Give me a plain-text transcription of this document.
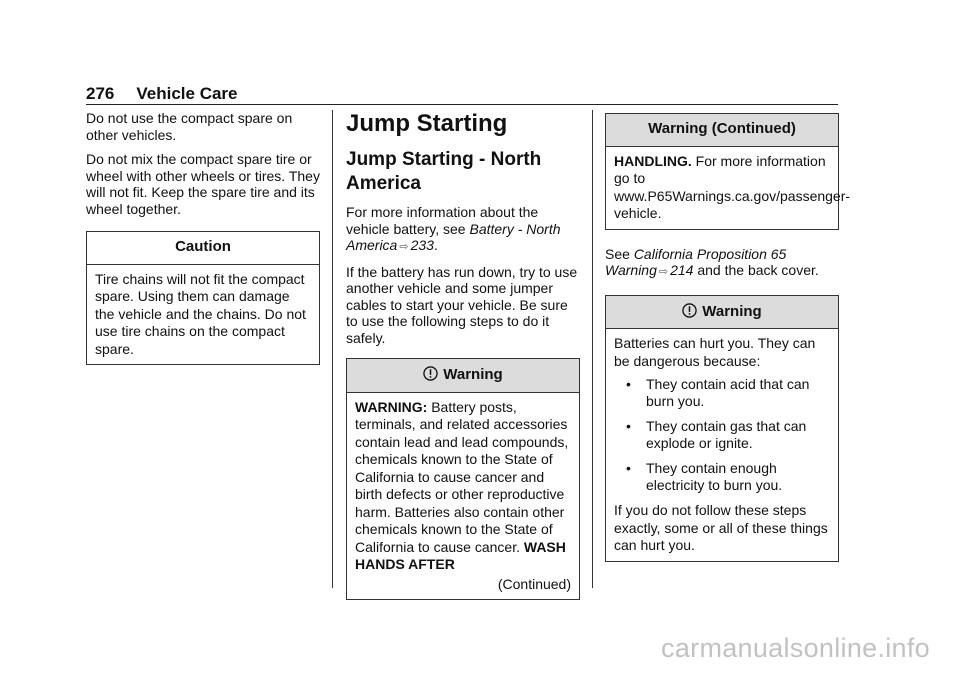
276 Vehicle Care

Do not use the compact spare on other vehicles.

Do not mix the compact spare tire or wheel with other wheels or tires. They will not fit. Keep the spare tire and its wheel together.

Caution

Tire chains will not fit the compact spare. Using them can damage the vehicle and the chains. Do not use tire chains on the compact spare.

Jump Starting
Jump Starting - North America

For more information about the vehicle battery, see Battery - North America ⇨ 233.

If the battery has run down, try to use another vehicle and some jumper cables to start your vehicle. Be sure to use the following steps to do it safely.

Warning

WARNING: Battery posts, terminals, and related accessories contain lead and lead compounds, chemicals known to the State of California to cause cancer and birth defects or other reproductive harm. Batteries also contain other chemicals known to the State of California to cause cancer. WASH HANDS AFTER

(Continued)
Warning (Continued)

HANDLING. For more information go to www.P65Warnings.ca.gov/passenger-vehicle.

See California Proposition 65 Warning ⇨ 214 and the back cover.

Warning

Batteries can hurt you. They can be dangerous because:

• They contain acid that can burn you.
• They contain gas that can explode or ignite.
• They contain enough electricity to burn you.

If you do not follow these steps exactly, some or all of these things can hurt you.

carmanualsonline.info
